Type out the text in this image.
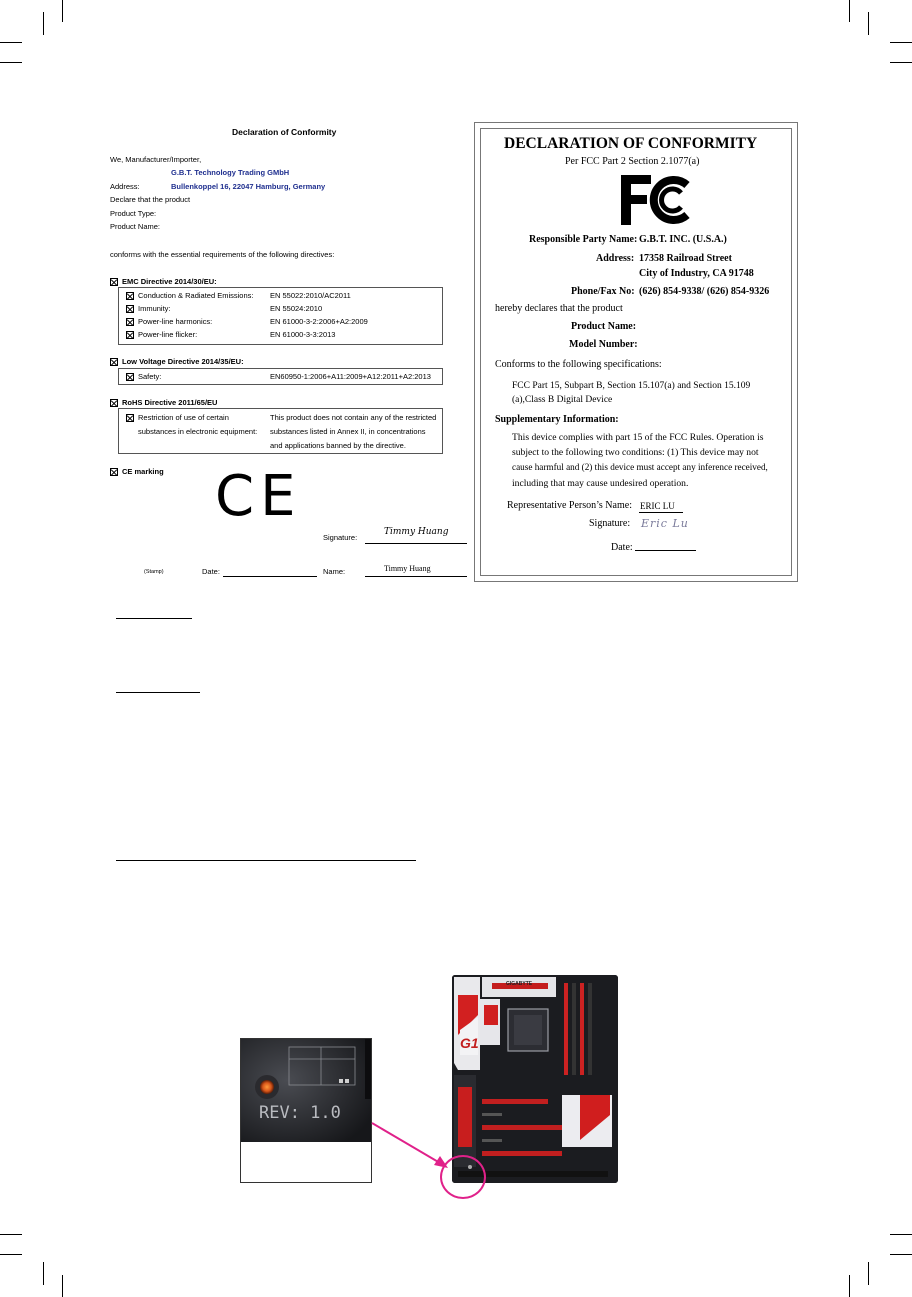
Declaration of Conformity
We, Manufacturer/Importer,
G.B.T. Technology Trading GMbH
Address:	Bullenkoppel 16, 22047 Hamburg, Germany
Declare that the product
Product Type:
Product Name:
conforms with the essential requirements of the following directives:
EMC Directive 2014/30/EU:
Conduction & Radiated Emissions: EN 55022:2010/AC2011
Immunity:	EN 55024:2010
Power-line harmonics:	EN 61000-3-2:2006+A2:2009
Power-line flicker:	EN 61000-3-3:2013
Low Voltage Directive 2014/35/EU:
Safety:	EN60950-1:2006+A11:2009+A12:2011+A2:2013
RoHS Directive 2011/65/EU
Restriction of use of certain
substances in electronic equipment:
This product does not contain any of the restricted
substances listed in Annex II, in concentrations
and applications banned by the directive.
CE marking CE
Signature:
Timmy Huang
(Stamp)	Date:	Name:	Timmy Huang
DECLARATION OF CONFORMITY
Per FCC Part 2 Section 2.1077(a)
Responsible Party Name: G.B.T. INC. (U.S.A.)
Address: 17358 Railroad Street
City of Industry, CA 91748
Phone/Fax No: (626) 854-9338/ (626) 854-9326
hereby declares that the product
Product Name:
Model Number:
Conforms to the following specifications:
FCC Part 15, Subpart B, Section 15.107(a) and Section 15.109
(a),Class B Digital Device
Supplementary Information:
This device complies with part 15 of the FCC Rules. Operation is
subject to the following two conditions: (1) This device may not
cause harmful and (2) this device must accept any inference received,
including that may cause undesired operation.
Representative Person’s Name: ERIC LU
Signature: Eric Lu
Date:
REV: 1.0
GIGABYTE
G1
